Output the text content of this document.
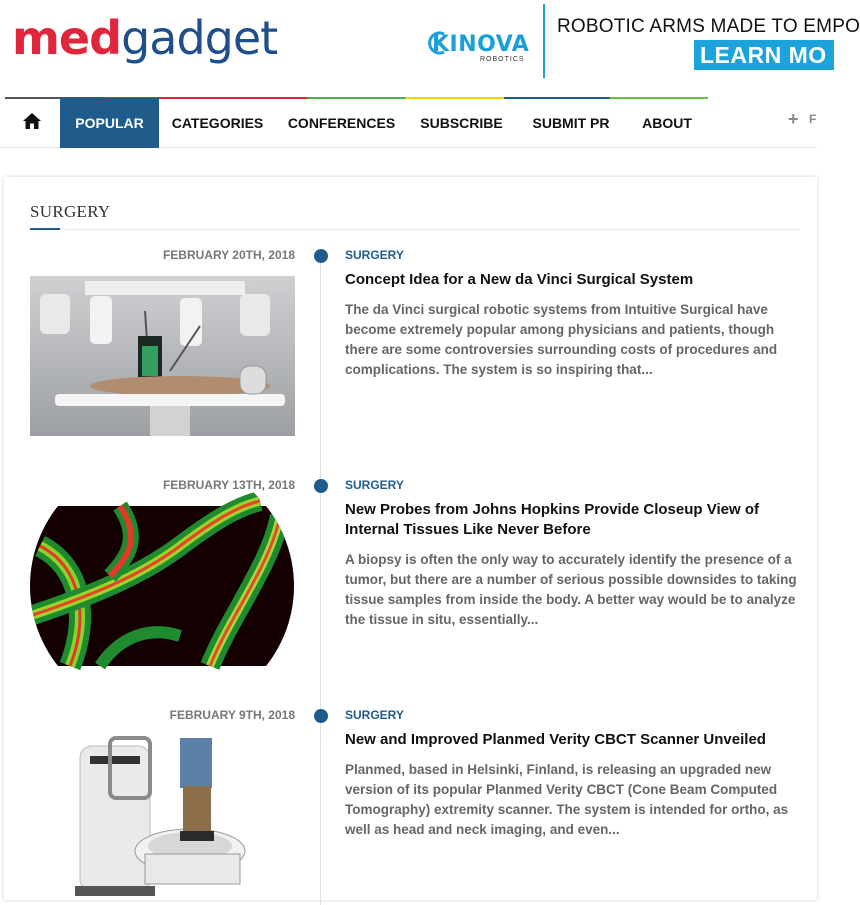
medgadget	KINOVA
ROBOTICS
ROBOTIC ARMS MADE TO EMPO
LEARN MO
POPULAR	CATEGORIES	CONFERENCES	SUBSCRIBE	SUBMIT PR	ABOUT	+ F
SURGERY
FEBRUARY 20TH, 2018	SURGERY
Concept Idea for a New da Vinci Surgical System
The da Vinci surgical robotic systems from Intuitive Surgical have become extremely popular among physicians and patients, though there are some controversies surrounding costs of procedures and complications. The system is so inspiring that...
FEBRUARY 13TH, 2018	SURGERY
New Probes from Johns Hopkins Provide Closeup View of Internal Tissues Like Never Before
A biopsy is often the only way to accurately identify the presence of a tumor, but there are a number of serious possible downsides to taking tissue samples from inside the body. A better way would be to analyze the tissue in situ, essentially...
FEBRUARY 9TH, 2018	SURGERY
New and Improved Planmed Verity CBCT Scanner Unveiled
Planmed, based in Helsinki, Finland, is releasing an upgraded new version of its popular Planmed Verity CBCT (Cone Beam Computed Tomography) extremity scanner. The system is intended for ortho, as well as head and neck imaging, and even...
